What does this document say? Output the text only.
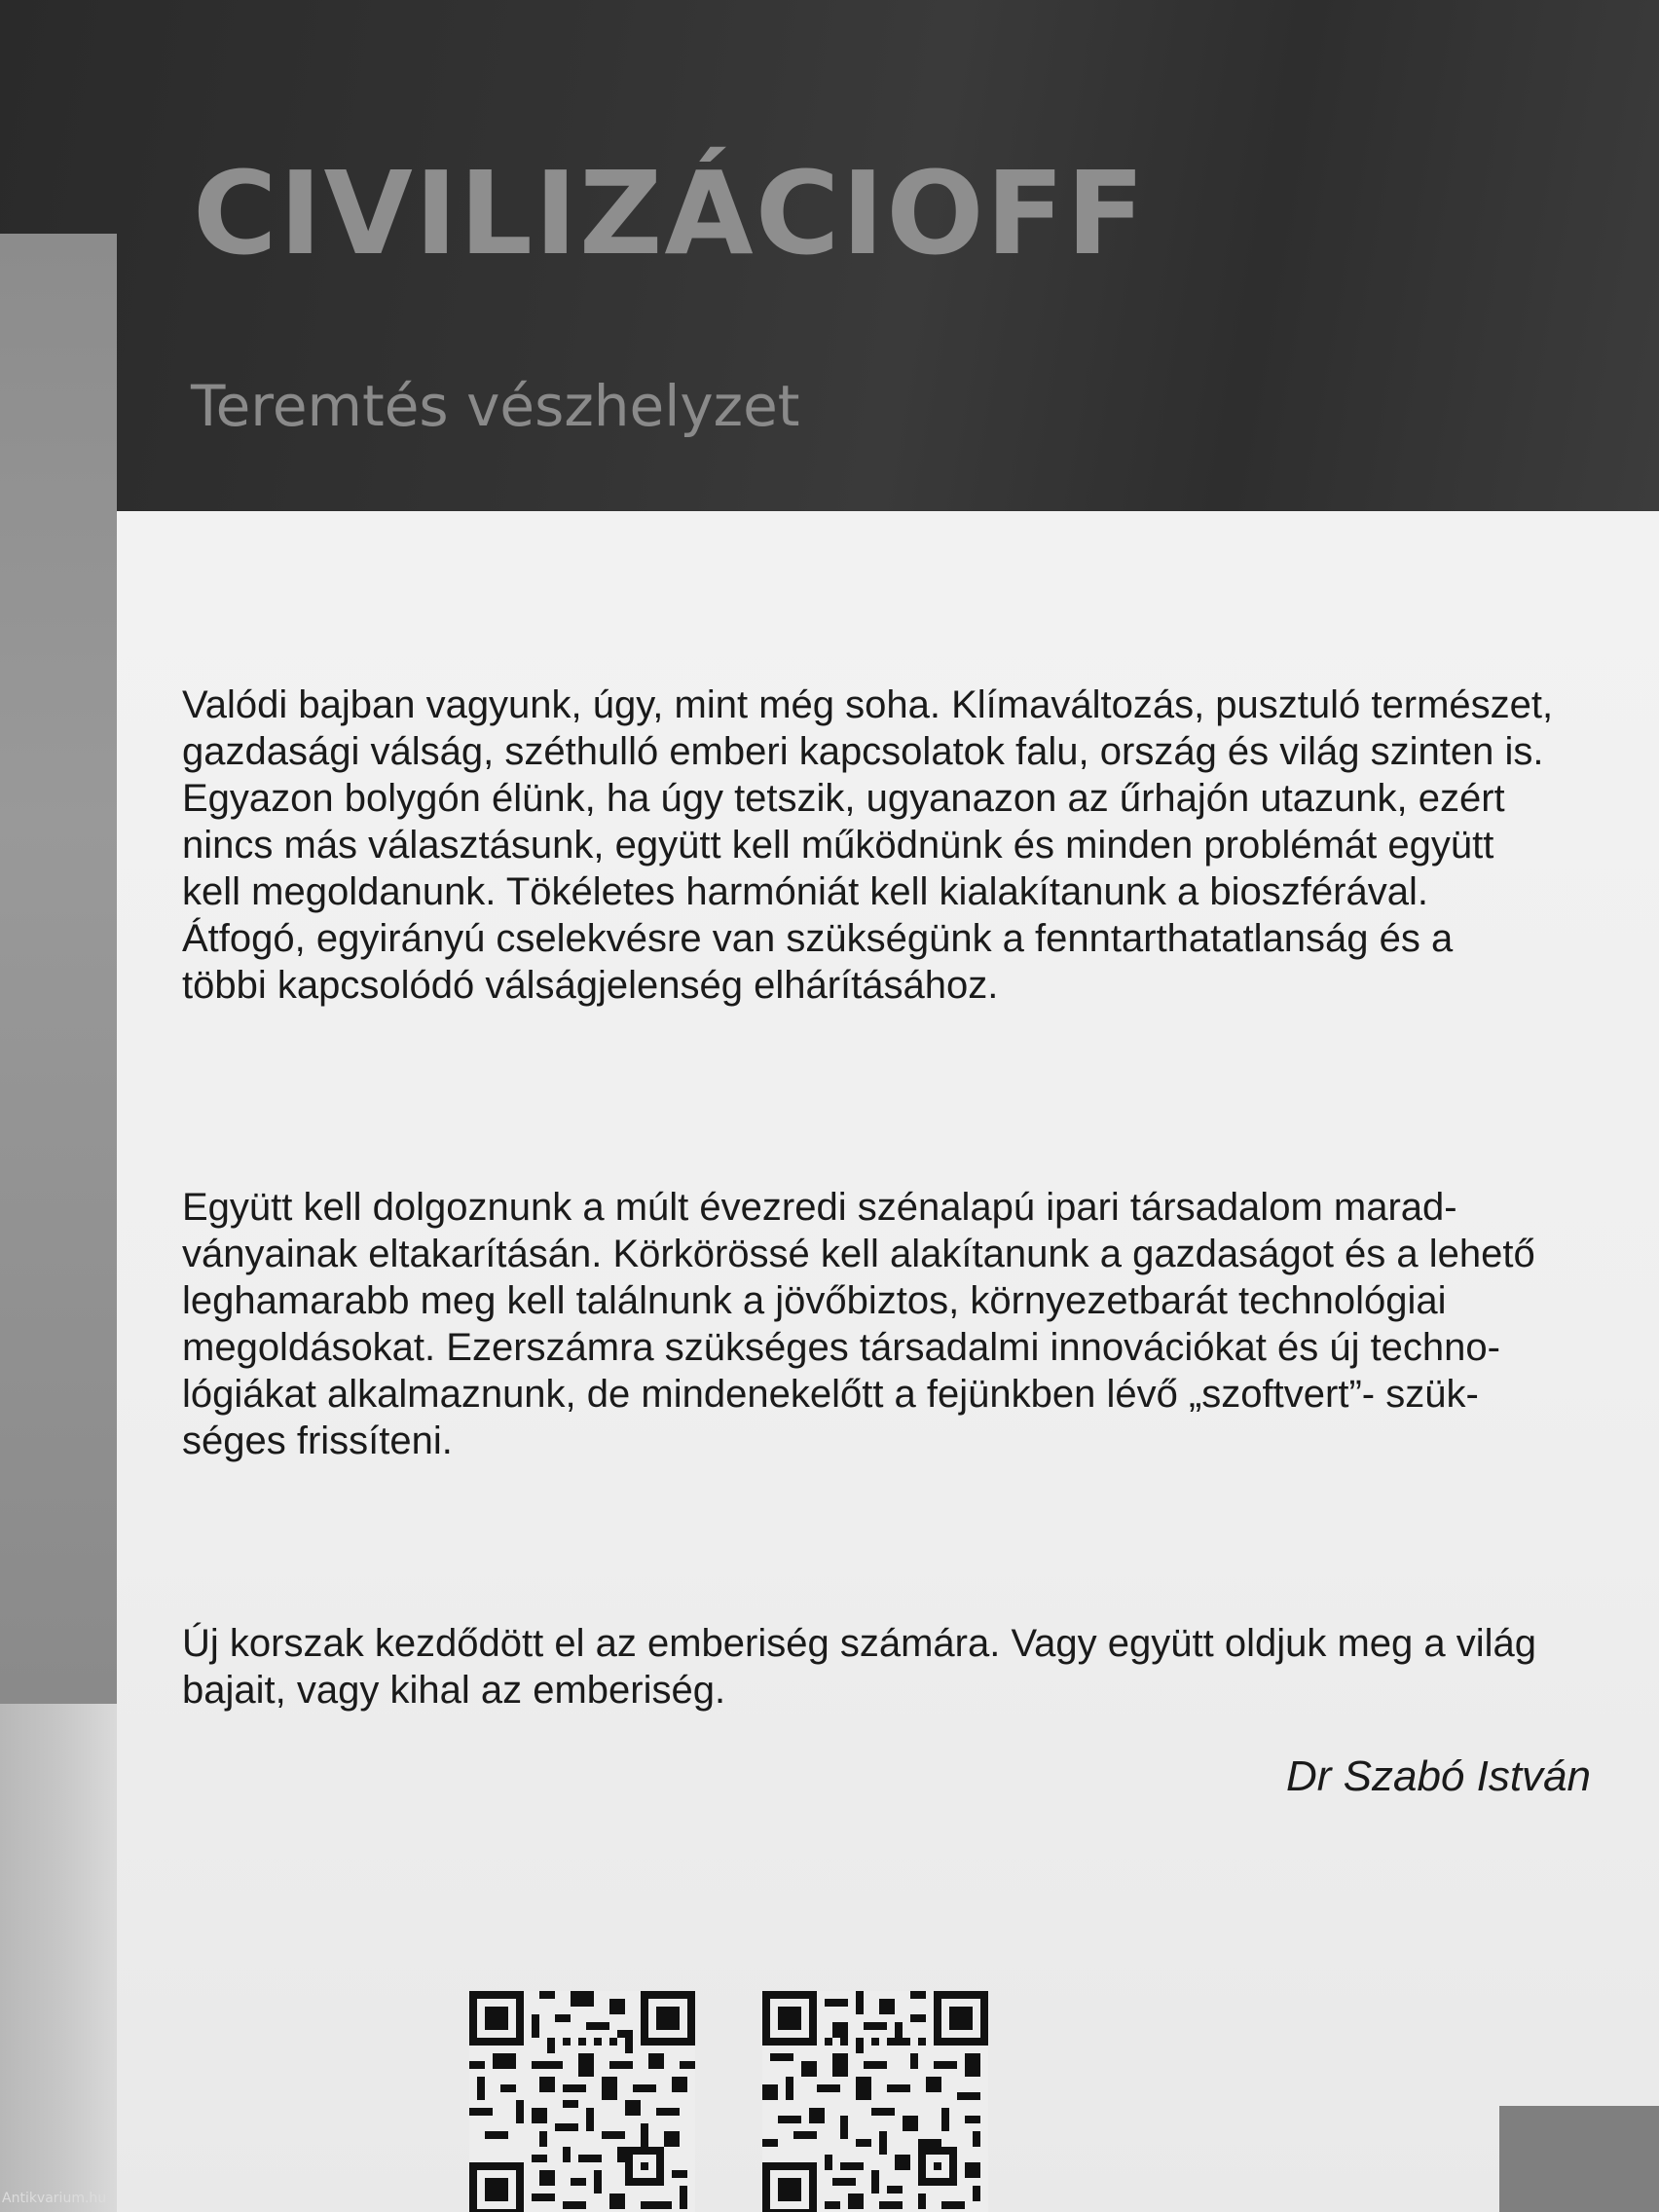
CIVILIZÁCIOFF
Teremtés vészhelyzet

Valódi bajban vagyunk, úgy, mint még soha. Klímaváltozás, pusztuló természet,
gazdasági válság, széthulló emberi kapcsolatok falu, ország és világ szinten is.
Egyazon bolygón élünk, ha úgy tetszik, ugyanazon az űrhajón utazunk, ezért
nincs más választásunk, együtt kell működnünk és minden problémát együtt
kell megoldanunk. Tökéletes harmóniát kell kialakítanunk a bioszférával.
Átfogó, egyirányú cselekvésre van szükségünk a fenntarthatatlanság és a
többi kapcsolódó válságjelenség elhárításához.

Együtt kell dolgoznunk a múlt évezredi szénalapú ipari társadalom marad-
ványainak eltakarításán. Körkörössé kell alakítanunk a gazdaságot és a lehető
leghamarabb meg kell találnunk a jövőbiztos, környezetbarát technológiai
megoldásokat. Ezerszámra szükséges társadalmi innovációkat és új techno-
lógiákat alkalmaznunk, de mindenekelőtt a fejünkben lévő „szoftvert”- szük-
séges frissíteni.

Új korszak kezdődött el az emberiség számára. Vagy együtt oldjuk meg a világ
bajait, vagy kihal az emberiség.

Dr Szabó István
Antikvarium.hu
